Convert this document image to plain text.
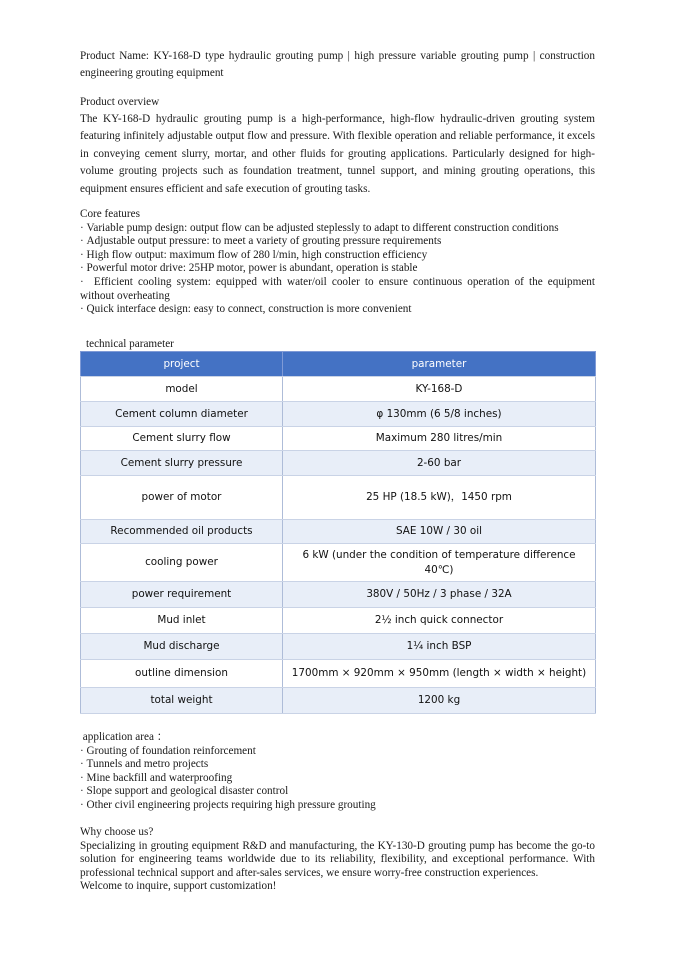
Product Name: KY-168-D type hydraulic grouting pump | high pressure variable grouting pump | construction engineering grouting equipment

Product overview

The KY-168-D hydraulic grouting pump is a high-performance, high-flow hydraulic-driven grouting system featuring infinitely adjustable output flow and pressure. With flexible operation and reliable performance, it excels in conveying cement slurry, mortar, and other fluids for grouting applications. Particularly designed for high-volume grouting projects such as foundation treatment, tunnel support, and mining grouting operations, this equipment ensures efficient and safe execution of grouting tasks.

Core features

· Variable pump design: output flow can be adjusted steplessly to adapt to different construction conditions
· Adjustable output pressure: to meet a variety of grouting pressure requirements
· High flow output: maximum flow of 280 l/min, high construction efficiency
· Powerful motor drive: 25HP motor, power is abundant, operation is stable
·  Efficient cooling system: equipped with water/oil cooler to ensure continuous operation of the equipment without overheating
· Quick interface design: easy to connect, construction is more convenient

technical parameter

project	parameter
model	KY-168-D
Cement column diameter	φ 130mm (6 5/8 inches)
Cement slurry flow	Maximum 280 litres/min
Cement slurry pressure	2-60 bar
power of motor	25 HP (18.5 kW)，1450 rpm
Recommended oil products	SAE 10W / 30 oil
cooling power	6 kW (under the condition of temperature difference 40℃)
power requirement	380V / 50Hz / 3 phase / 32A
Mud inlet	2½ inch quick connector
Mud discharge	1¼ inch BSP
outline dimension	1700mm × 920mm × 950mm (length × width × height)
total weight	1200 kg

application area ：

· Grouting of foundation reinforcement
· Tunnels and metro projects
· Mine backfill and waterproofing
· Slope support and geological disaster control
· Other civil engineering projects requiring high pressure grouting

Why choose us?

Specializing in grouting equipment R&D and manufacturing, the KY-130-D grouting pump has become the go-to solution for engineering teams worldwide due to its reliability, flexibility, and exceptional performance. With professional technical support and after-sales services, we ensure worry-free construction experiences.

Welcome to inquire, support customization!
